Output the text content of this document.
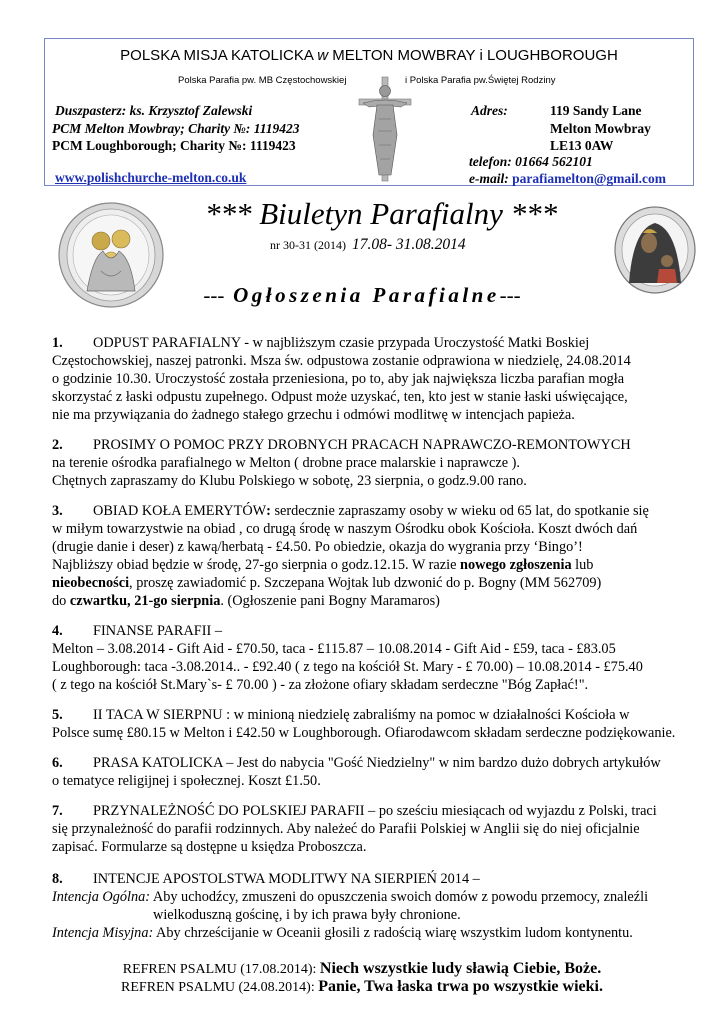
POLSKA MISJA KATOLICKA w MELTON MOWBRAY i LOUGHBOROUGH
Polska Parafia pw. MB Częstochowskiej	i Polska Parafia pw.Świętej Rodziny
Duszpasterz: ks. Krzysztof Zalewski
PCM Melton Mowbray; Charity №: 1119423
PCM Loughborough; Charity №: 1119423
www.polishchurche-melton.co.uk
Adres:	119 Sandy Lane
Melton Mowbray
LE13 0AW
telefon: 01664 562101
e-mail: parafiamelton@gmail.com
*** Biuletyn Parafialny ***
nr 30-31 (2014) 17.08- 31.08.2014
--- Ogłoszenia Parafialne---
1. ODPUST PARAFIALNY - w najbliższym czasie przypada Uroczystość Matki Boskiej
Częstochowskiej, naszej patronki. Msza św. odpustowa zostanie odprawiona w niedzielę, 24.08.2014
o godzinie 10.30. Uroczystość została przeniesiona, po to, aby jak największa liczba parafian mogła
skorzystać z łaski odpustu zupełnego. Odpust może uzyskać, ten, kto jest w stanie łaski uświęcające,
nie ma przywiązania do żadnego stałego grzechu i odmówi modlitwę w intencjach papieża.
2. PROSIMY O POMOC PRZY DROBNYCH PRACACH NAPRAWCZO-REMONTOWYCH
na terenie ośrodka parafialnego w Melton ( drobne prace malarskie i naprawcze ).
Chętnych zapraszamy do Klubu Polskiego w sobotę, 23 sierpnia, o godz.9.00 rano.
3. OBIAD KOŁA EMERYTÓW: serdecznie zapraszamy osoby w wieku od 65 lat, do spotkanie się
w miłym towarzystwie na obiad , co drugą środę w naszym Ośrodku obok Kościoła. Koszt dwóch dań
(drugie danie i deser) z kawą/herbatą - £4.50. Po obiedzie, okazja do wygrania przy ‘Bingo’!
Najbliższy obiad będzie w środę, 27-go sierpnia o godz.12.15. W razie nowego zgłoszenia lub
nieobecności, proszę zawiadomić p. Szczepana Wojtak lub dzwonić do p. Bogny (MM 562709)
do czwartku, 21-go sierpnia. (Ogłoszenie pani Bogny Maramaros)
4. FINANSE PARAFII –
Melton – 3.08.2014 - Gift Aid - £70.50, taca - £115.87 – 10.08.2014 - Gift Aid - £59, taca - £83.05
Loughborough: taca -3.08.2014.. - £92.40 ( z tego na kościół St. Mary - £ 70.00) – 10.08.2014 - £75.40
( z tego na kościół St.Mary`s- £ 70.00 ) - za złożone ofiary składam serdeczne "Bóg Zapłać!".
5. II TACA W SIERPNU : w minioną niedzielę zabraliśmy na pomoc w działalności Kościoła w
Polsce sumę £80.15 w Melton i £42.50 w Loughborough. Ofiarodawcom składam serdeczne podziękowanie.
6. PRASA KATOLICKA – Jest do nabycia "Gość Niedzielny" w nim bardzo dużo dobrych artykułów
o tematyce religijnej i społecznej. Koszt £1.50.
7. PRZYNALEŻNOŚĆ DO POLSKIEJ PARAFII – po sześciu miesiącach od wyjazdu z Polski, traci
się przynależność do parafii rodzinnych. Aby należeć do Parafii Polskiej w Anglii się do niej oficjalnie
zapisać. Formularze są dostępne u księdza Proboszcza.
8. INTENCJE APOSTOLSTWA MODLITWY NA SIERPIEŃ 2014 –
Intencja Ogólna: Aby uchodźcy, zmuszeni do opuszczenia swoich domów z powodu przemocy, znaleźli
wielkoduszną gościnę, i by ich prawa były chronione.
Intencja Misyjna: Aby chrześcijanie w Oceanii głosili z radością wiarę wszystkim ludom kontynentu.
REFREN PSALMU (17.08.2014): Niech wszystkie ludy sławią Ciebie, Boże.
REFREN PSALMU (24.08.2014): Panie, Twa łaska trwa po wszystkie wieki.
